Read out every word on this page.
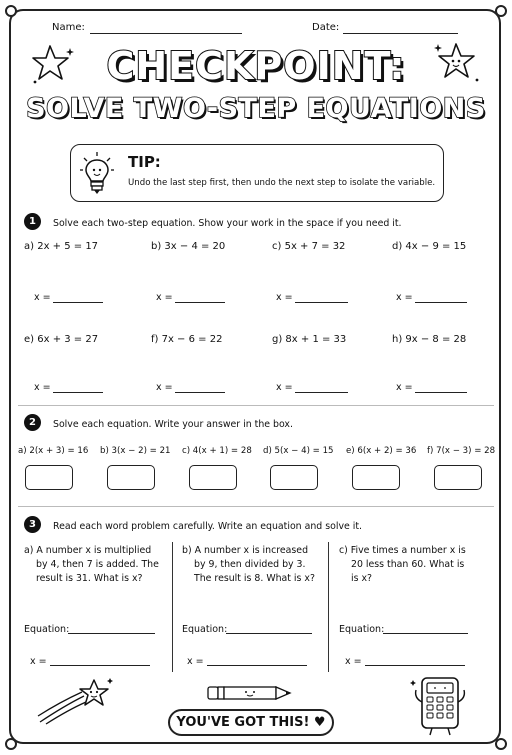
Name:	Date:
CHECKPOINT:
SOLVE TWO-STEP EQUATIONS
TIP:
Undo the last step first, then undo the next step to isolate the variable.
1	Solve each two-step equation. Show your work in the space if you need it.
a) 2x + 5 = 17	b) 3x − 4 = 20	c) 5x + 7 = 32	d) 4x − 9 = 15
x =	x =	x =	x =
e) 6x + 3 = 27	f) 7x − 6 = 22	g) 8x + 1 = 33	h) 9x − 8 = 28
x =	x =	x =	x =
2	Solve each equation. Write your answer in the box.
a) 2(x + 3) = 16 b) 3(x − 2) = 21 c) 4(x + 1) = 28 d) 5(x − 4) = 15 e) 6(x + 2) = 36 f) 7(x − 3) = 28
3	Read each word problem carefully. Write an equation and solve it.
a) A number x is multiplied
by 4, then 7 is added. The
result is 31. What is x?
b) A number x is increased
by 9, then divided by 3.
The result is 8. What is x?
c) Five times a number x is
20 less than 60. What is
is x?
Equation:	Equation:	Equation:
x =	x =	x =
YOU'VE GOT THIS! ♥
